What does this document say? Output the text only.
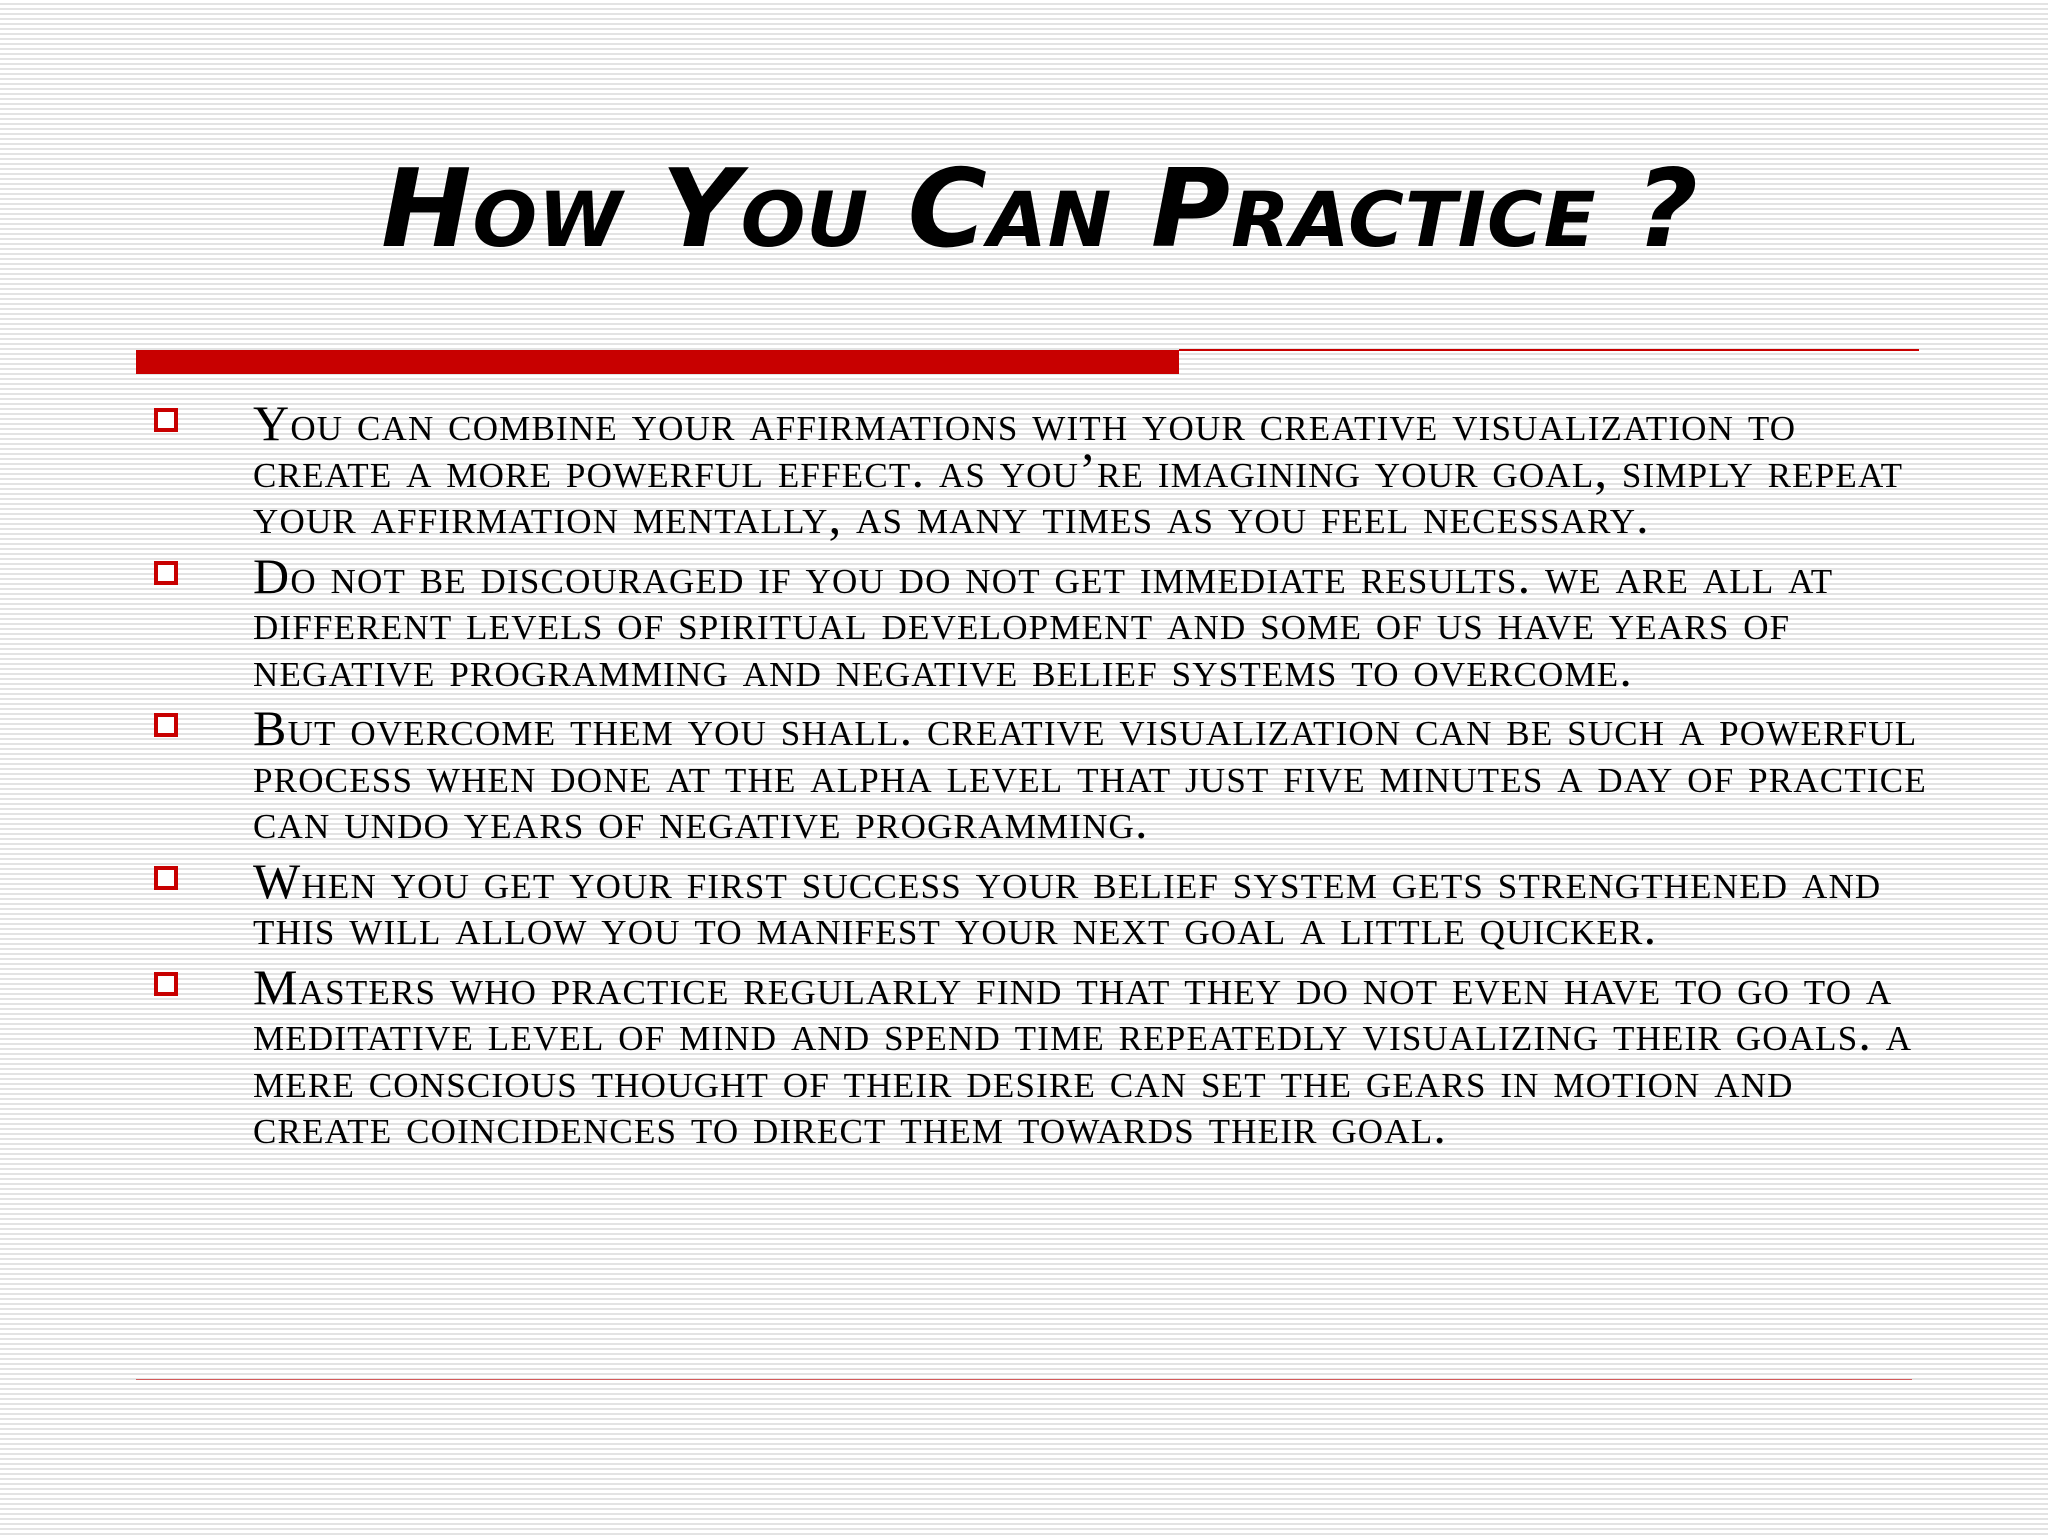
How You Can Practice ?
You can combine your affirmations with your creative visualization to create a more powerful effect. as you’re imagining your goal, simply repeat your affirmation mentally, as many times as you feel necessary.
Do not be discouraged if you do not get immediate results. we are all at different levels of spiritual development and some of us have years of negative programming and negative belief systems to overcome.
But overcome them you shall. creative visualization can be such a powerful process when done at the alpha level that just five minutes a day of practice can undo years of negative programming.
When you get your first success your belief system gets strengthened and this will allow you to manifest your next goal a little quicker.
Masters who practice regularly find that they do not even have to go to a meditative level of mind and spend time repeatedly visualizing their goals. a mere conscious thought of their desire can set the gears in motion and create coincidences to direct them towards their goal.
